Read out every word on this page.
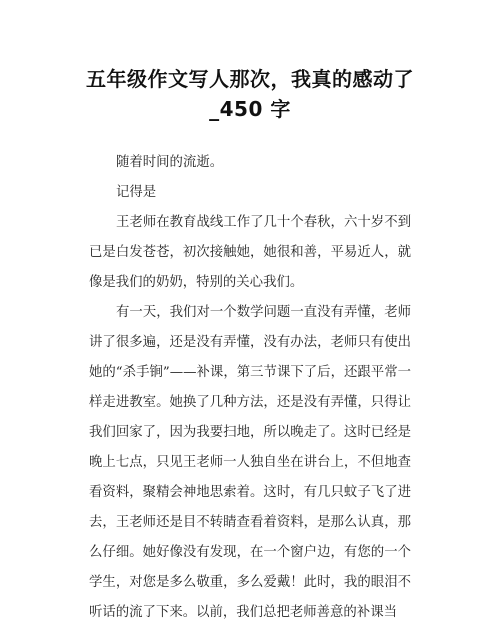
五年级作文写人那次，我真的感动了
_450 字

随着时间的流逝。

记得是

王老师在教育战线工作了几十个春秋，六十岁不到已是白发苍苍，初次接触她，她很和善，平易近人，就像是我们的奶奶，特别的关心我们。

有一天，我们对一个数学问题一直没有弄懂，老师讲了很多遍，还是没有弄懂，没有办法，老师只有使出她的“杀手锏”——补课，第三节课下了后，还跟平常一样走进教室。她换了几种方法，还是没有弄懂，只得让我们回家了，因为我要扫地，所以晚走了。这时已经是晚上七点，只见王老师一人独自坐在讲台上，不但地查看资料，聚精会神地思索着。这时，有几只蚊子飞了进去，王老师还是目不转睛查看着资料，是那么认真，那么仔细。她好像没有发现，在一个窗户边，有您的一个学生，对您是多么敬重，多么爱戴！此时，我的眼泪不听话的流了下来。以前，我们总把老师善意的补课当
